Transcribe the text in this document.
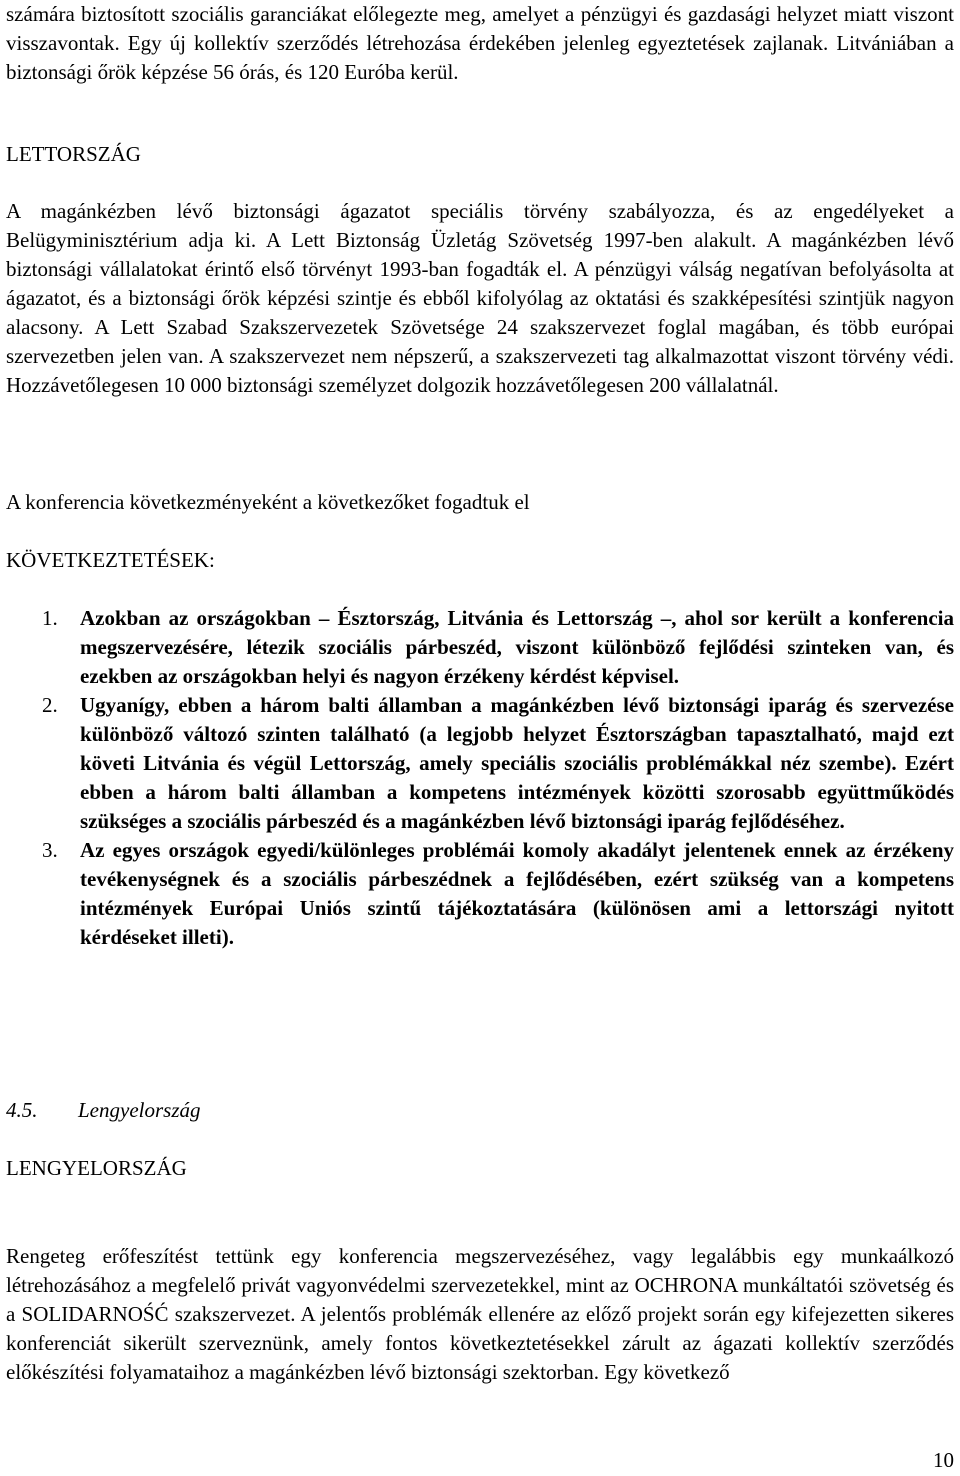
számára biztosított szociális garanciákat előlegezte meg, amelyet a pénzügyi és gazdasági helyzet miatt viszont visszavontak. Egy új kollektív szerződés létrehozása érdekében jelenleg egyeztetések zajlanak. Litvániában a biztonsági őrök képzése 56 órás, és 120 Euróba kerül.

LETTORSZÁG

A magánkézben lévő biztonsági ágazatot speciális törvény szabályozza, és az engedélyeket a Belügyminisztérium adja ki. A Lett Biztonság Üzletág Szövetség 1997-ben alakult. A magánkézben lévő biztonsági vállalatokat érintő első törvényt 1993-ban fogadták el. A pénzügyi válság negatívan befolyásolta at ágazatot, és a biztonsági őrök képzési szintje és ebből kifolyólag az oktatási és szakképesítési szintjük nagyon alacsony. A Lett Szabad Szakszervezetek Szövetsége 24 szakszervezet foglal magában, és több európai szervezetben jelen van. A szakszervezet nem népszerű, a szakszervezeti tag alkalmazottat viszont törvény védi. Hozzávetőlegesen 10 000 biztonsági személyzet dolgozik hozzávetőlegesen 200 vállalatnál.

A konferencia következményeként a következőket fogadtuk el

KÖVETKEZTETÉSEK:
1. Azokban az országokban – Észtország, Litvánia és Lettország –, ahol sor került a konferencia megszervezésére, létezik szociális párbeszéd, viszont különböző fejlődési szinteken van, és ezekben az országokban helyi és nagyon érzékeny kérdést képvisel.
2. Ugyanígy, ebben a három balti államban a magánkézben lévő biztonsági iparág és szervezése különböző változó szinten található (a legjobb helyzet Észtországban tapasztalható, majd ezt követi Litvánia és végül Lettország, amely speciális szociális problémákkal néz szembe). Ezért ebben a három balti államban a kompetens intézmények közötti szorosabb együttműködés szükséges a szociális párbeszéd és a magánkézben lévő biztonsági iparág fejlődéséhez.
3. Az egyes országok egyedi/különleges problémái komoly akadályt jelentenek ennek az érzékeny tevékenységnek és a szociális párbeszédnek a fejlődésében, ezért szükség van a kompetens intézmények Európai Uniós szintű tájékoztatására (különösen ami a lettországi nyitott kérdéseket illeti).
4.5. Lengyelország
LENGYELORSZÁG

Rengeteg erőfeszítést tettünk egy konferencia megszervezéséhez, vagy legalábbis egy munkaálkozó létrehozásához a megfelelő privát vagyonvédelmi szervezetekkel, mint az OCHRONA munkáltatói szövetség és a SOLIDARNOŚĆ szakszervezet. A jelentős problémák ellenére az előző projekt során egy kifejezetten sikeres konferenciát sikerült szerveznünk, amely fontos következtetésekkel zárult az ágazati kollektív szerződés előkészítési folyamataihoz a magánkézben lévő biztonsági szektorban. Egy következő

10
